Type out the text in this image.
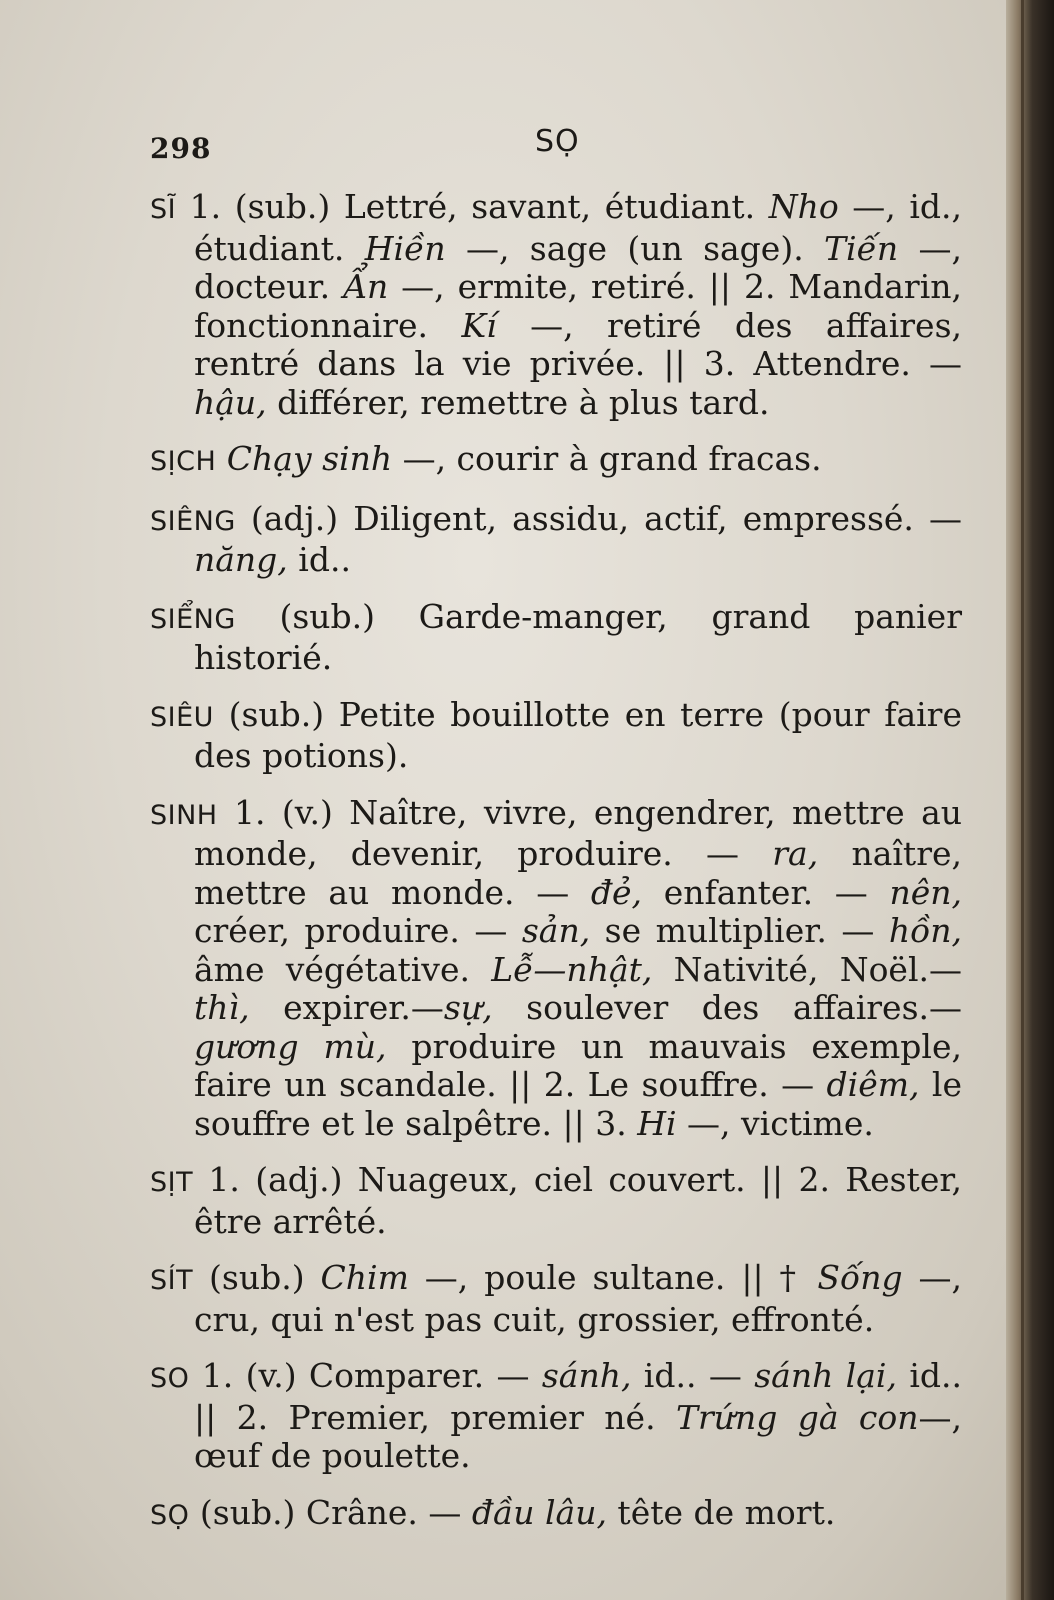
298	SỌ

SĨ 1. (sub.) Lettré, savant, étudiant. Nho —, id., étudiant. Hiền —, sage (un sage). Tiến —, docteur. Ẩn —, ermite, retiré. || 2. Mandarin, fonctionnaire. Kí —, retiré des affaires, rentré dans la vie privée. || 3. Attendre. — hậu, différer, remettre à plus tard.

SỊCH Chạy sinh —, courir à grand fracas.

SIÊNG (adj.) Diligent, assidu, actif, empressé. — năng, id..

SIỂNG (sub.) Garde-manger, grand panier historié.

SIÊU (sub.) Petite bouillotte en terre (pour faire des potions).

SINH 1. (v.) Naître, vivre, engendrer, mettre au monde, devenir, produire. — ra, naître, mettre au monde. — đẻ, enfanter. — nên, créer, produire. — sản, se multiplier. — hồn, âme végétative. Lễ—nhật, Nativité, Noël.—thì, expirer.—sự, soulever des affaires.—gương mù, produire un mauvais exemple, faire un scandale. || 2. Le souffre. — diêm, le souffre et le salpêtre. || 3. Hi —, victime.

SỊT 1. (adj.) Nuageux, ciel couvert. || 2. Rester, être arrêté.

SÍT (sub.) Chim —, poule sultane. || † Sống —, cru, qui n'est pas cuit, grossier, effronté.

SO 1. (v.) Comparer. — sánh, id.. — sánh lại, id.. || 2. Premier, premier né. Trứng gà con—, œuf de poulette.

SỌ (sub.) Crâne. — đầu lâu, tête de mort.
